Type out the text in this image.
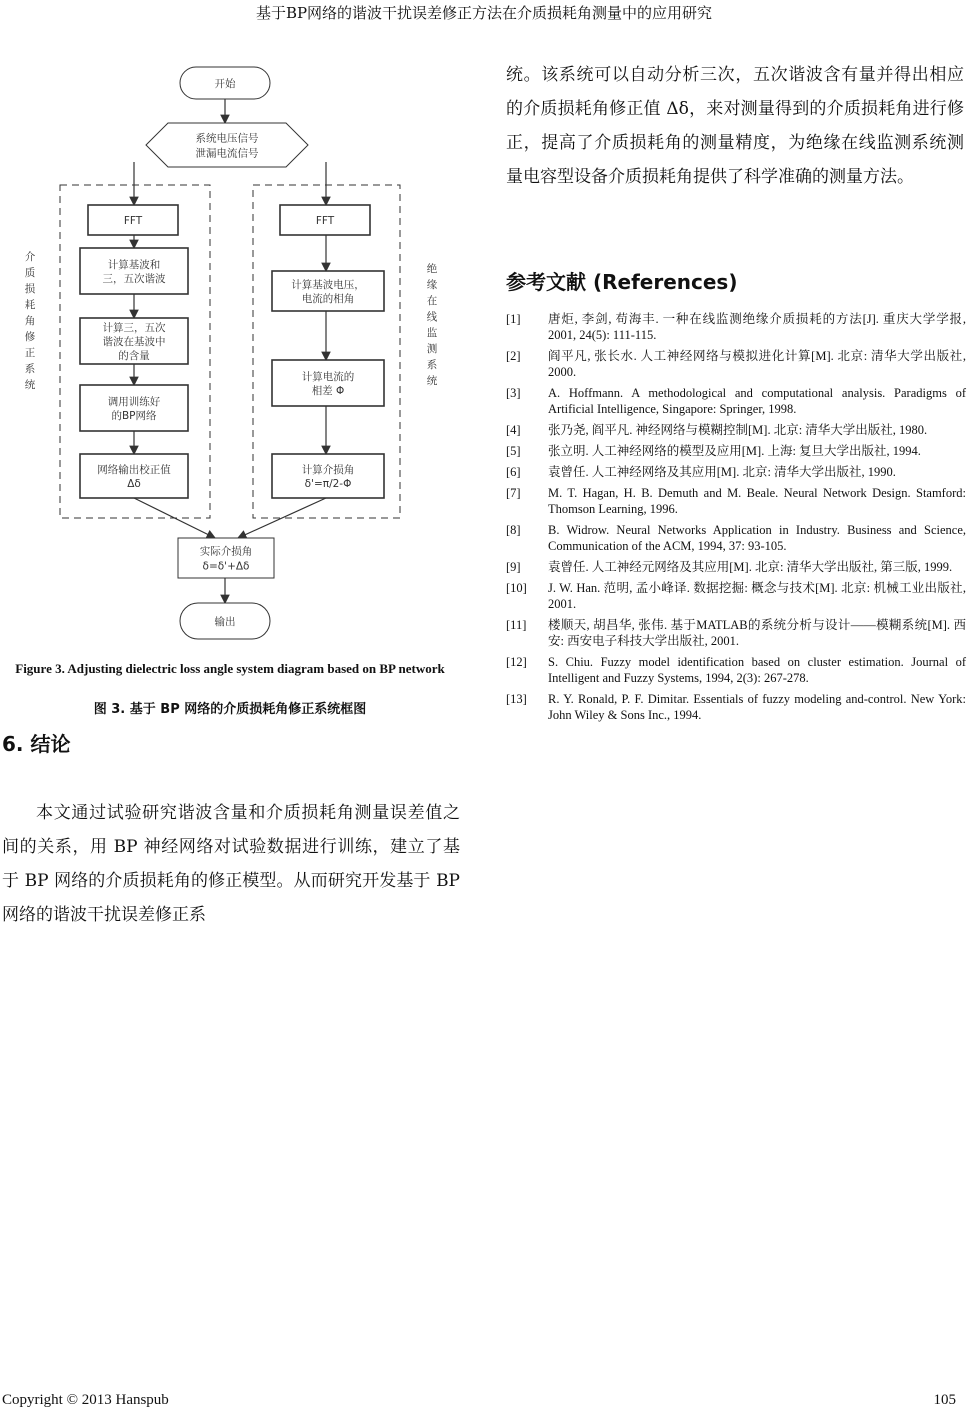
基于BP网络的谐波干扰误差修正方法在介质损耗角测量中的应用研究
开始
系统电压信号
泄漏电流信号
介
质
损
耗
角
修
正
系
统
绝
缘
在
线
监
测
系
统
FFT
计算基波和
三，五次谐波
计算三，五次
谐波在基波中
的含量
调用训练好
的BP网络
网络输出校正值
Δδ
FFT
计算基波电压，
电流的相角
计算电流的
相差 Φ
计算介损角
δ'=π/2-Φ
实际介损角
δ=δ'+Δδ
输出
Figure 3. Adjusting dielectric loss angle system diagram based on BP network
图 3. 基于 BP 网络的介质损耗角修正系统框图
6. 结论

本文通过试验研究谐波含量和介质损耗角测量误差值之间的关系，用 BP 神经网络对试验数据进行训练，建立了基于 BP 网络的介质损耗角的修正模型。从而研究开发基于 BP 网络的谐波干扰误差修正系

统。该系统可以自动分析三次，五次谐波含有量并得出相应的介质损耗角修正值 Δδ，来对测量得到的介质损耗角进行修正，提高了介质损耗角的测量精度，为绝缘在线监测系统测量电容型设备介质损耗角提供了科学准确的测量方法。

参考文献 (References)
[1]	唐炬, 李剑, 苟海丰. 一种在线监测绝缘介质损耗的方法[J]. 重庆大学学报, 2001, 24(5): 111-115.
[2]	阎平凡, 张长水. 人工神经网络与模拟进化计算[M]. 北京: 清华大学出版社, 2000.
[3]	A. Hoffmann. A methodological and computational analysis. Paradigms of Artificial Intelligence, Singapore: Springer, 1998.
[4]	张乃尧, 阎平凡. 神经网络与模糊控制[M]. 北京: 清华大学出版社, 1980.
[5]	张立明. 人工神经网络的模型及应用[M]. 上海: 复旦大学出版社, 1994.
[6]	袁曾任. 人工神经网络及其应用[M]. 北京: 清华大学出版社, 1990.
[7]	M. T. Hagan, H. B. Demuth and M. Beale. Neural Network Design. Stamford: Thomson Learning, 1996.
[8]	B. Widrow. Neural Networks Application in Industry. Business and Science, Communication of the ACM, 1994, 37: 93-105.
[9]	袁曾任. 人工神经元网络及其应用[M]. 北京: 清华大学出版社, 第三版, 1999.
[10]	J. W. Han. 范明, 孟小峰译. 数据挖掘: 概念与技术[M]. 北京: 机械工业出版社, 2001.
[11]	楼顺天, 胡昌华, 张伟. 基于MATLAB的系统分析与设计——模糊系统[M]. 西安: 西安电子科技大学出版社, 2001.
[12]	S. Chiu. Fuzzy model identification based on cluster estimation. Journal of Intelligent and Fuzzy Systems, 1994, 2(3): 267-278.
[13]	R. Y. Ronald, P. F. Dimitar. Essentials of fuzzy modeling and-control. New York: John Wiley & Sons Inc., 1994.
Copyright © 2013 Hanspub	105
